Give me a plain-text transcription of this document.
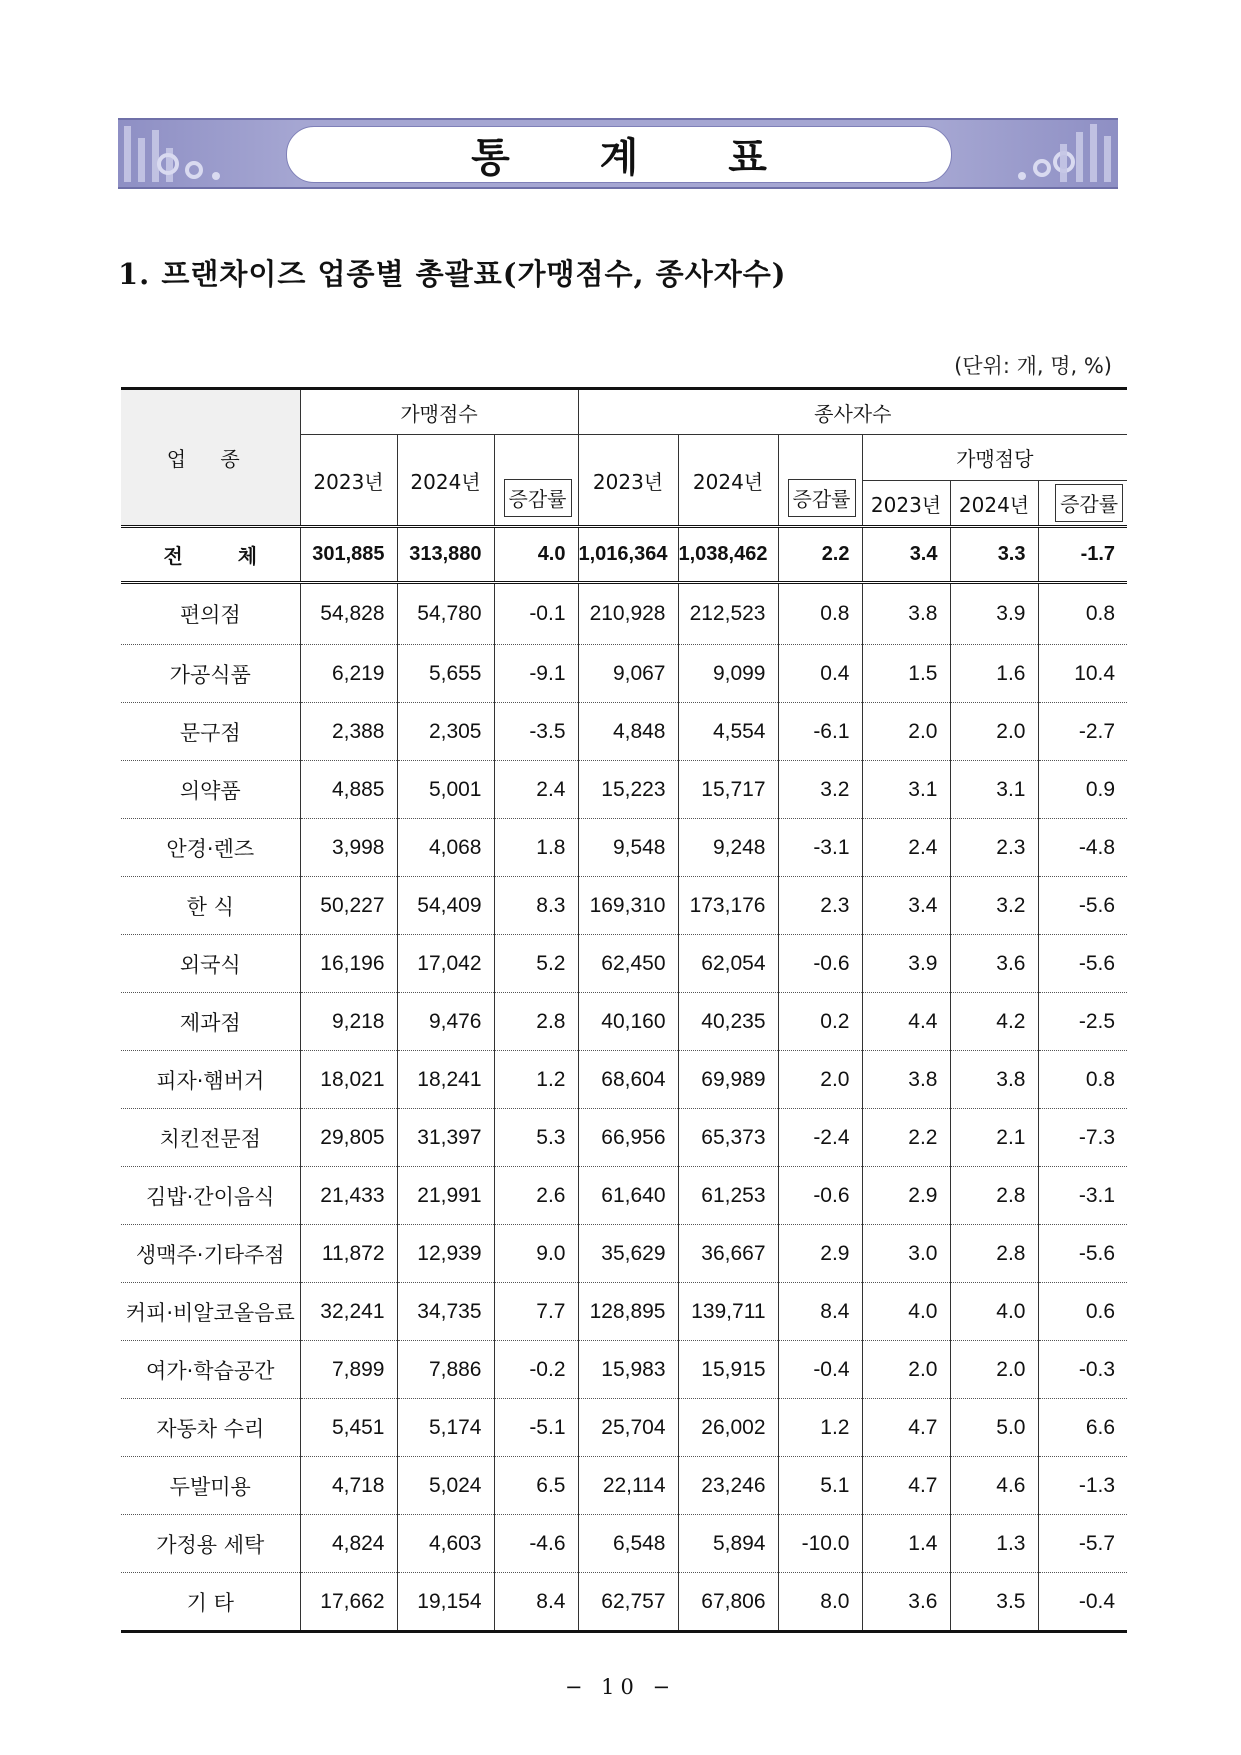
통 계 표
1. 프랜차이즈 업종별 총괄표(가맹점수, 종사자수)
(단위: 개, 명, %)
업 종	가맹점수			종사자수					
	2023년	2024년	증감률	2023년	2024년	증감률	가맹점당		
							2023년	2024년	증감률
전 체	301,885	313,880	4.0	1,016,364	1,038,462	2.2	3.4	3.3	-1.7
편의점	54,828	54,780	-0.1	210,928	212,523	0.8	3.8	3.9	0.8
가공식품	6,219	5,655	-9.1	9,067	9,099	0.4	1.5	1.6	10.4
문구점	2,388	2,305	-3.5	4,848	4,554	-6.1	2.0	2.0	-2.7
의약품	4,885	5,001	2.4	15,223	15,717	3.2	3.1	3.1	0.9
안경·렌즈	3,998	4,068	1.8	9,548	9,248	-3.1	2.4	2.3	-4.8
한 식	50,227	54,409	8.3	169,310	173,176	2.3	3.4	3.2	-5.6
외국식	16,196	17,042	5.2	62,450	62,054	-0.6	3.9	3.6	-5.6
제과점	9,218	9,476	2.8	40,160	40,235	0.2	4.4	4.2	-2.5
피자·햄버거	18,021	18,241	1.2	68,604	69,989	2.0	3.8	3.8	0.8
치킨전문점	29,805	31,397	5.3	66,956	65,373	-2.4	2.2	2.1	-7.3
김밥·간이음식	21,433	21,991	2.6	61,640	61,253	-0.6	2.9	2.8	-3.1
생맥주·기타주점	11,872	12,939	9.0	35,629	36,667	2.9	3.0	2.8	-5.6
커피·비알코올음료	32,241	34,735	7.7	128,895	139,711	8.4	4.0	4.0	0.6
여가·학습공간	7,899	7,886	-0.2	15,983	15,915	-0.4	2.0	2.0	-0.3
자동차 수리	5,451	5,174	-5.1	25,704	26,002	1.2	4.7	5.0	6.6
두발미용	4,718	5,024	6.5	22,114	23,246	5.1	4.7	4.6	-1.3
가정용 세탁	4,824	4,603	-4.6	6,548	5,894	-10.0	1.4	1.3	-5.7
기 타	17,662	19,154	8.4	62,757	67,806	8.0	3.6	3.5	-0.4
− 10 −
